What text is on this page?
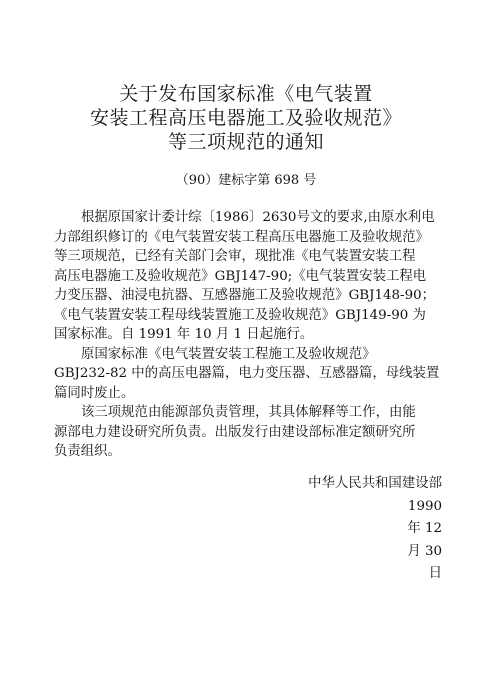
关于发布国家标准《电气装置
安装工程高压电器施工及验收规范》
等三项规范的通知
（90）建标字第 698 号
根据原国家计委计综〔1986〕2630号文的要求,由原水利电
力部组织修订的《电气装置安装工程高压电器施工及验收规范》
等三项规范，已经有关部门会审，现批准《电气装置安装工程
高压电器施工及验收规范》GBJ147-90;《电气装置安装工程电
力变压器、油浸电抗器、互感器施工及验收规范》GBJ148-90；
《电气装置安装工程母线装置施工及验收规范》GBJ149-90 为
国家标准。自 1991 年 10 月 1 日起施行。
原国家标准《电气装置安装工程施工及验收规范》
GBJ232-82 中的高压电器篇，电力变压器、互感器篇，母线装置
篇同时废止。
该三项规范由能源部负责管理，其具体解释等工作，由能
源部电力建设研究所负责。出版发行由建设部标准定额研究所
负责组织。
中华人民共和国建设部
1990
年 12
月 30
日
